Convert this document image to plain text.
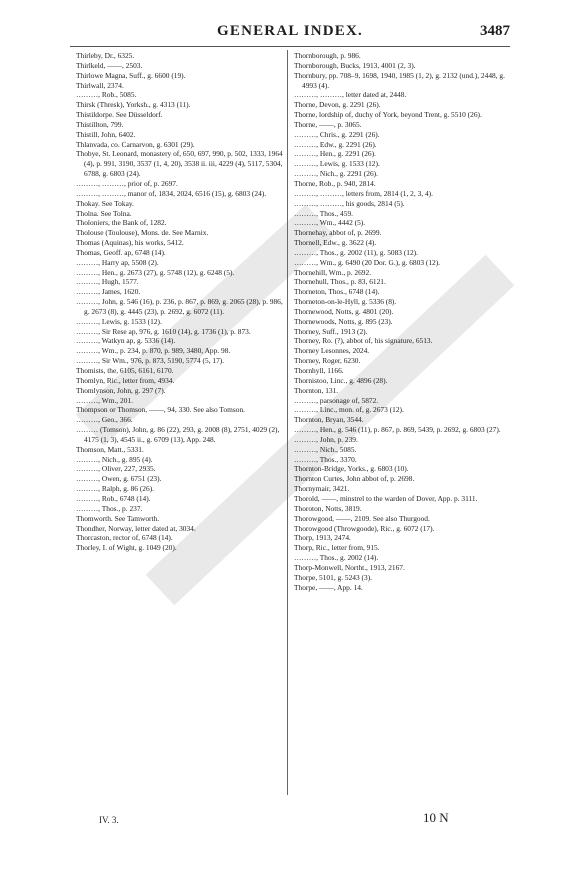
GENERAL INDEX.	3487
Thirleby, Dr., 6325.
Thirlkeld, ——, 2503.
Thirlowe Magna, Suff., g. 6600 (19).
Thirlwall, 2374.
………, Rob., 5085.
Thirsk (Thresk), Yorksh., g. 4313 (11).
Thistildorpe. See Düsseldorf.
Thistillton, 799.
Thistill, John, 6402.
Thlanvada, co. Carnarvon, g. 6301 (29).
Thobye, St. Leonard, monastery of, 650, 697, 990, p. 502, 1333, 1964 (4), p. 991, 3190, 3537 (1, 4, 20), 3538 ii. iii, 4229 (4), 5117, 5304, 6788, g. 6803 (24).
………, ………, prior of, p. 2697.
………, ………, manor of, 1834, 2024, 6516 (15), g. 6803 (24).
Thokay. See Tokay.
Tholna. See Tolna.
Tholoniers, the Bank of, 1282.
Tholouse (Toulouse), Mons. de. See Marnix.
Thomas (Aquinas), his works, 5412.
Thomas, Geoff. ap, 6748 (14).
………, Harry ap, 5508 (2).
………, Hen., g. 2673 (27), g. 5748 (12), g. 6248 (5).
………, Hugh, 1577.
………, James, 1620.
………, John, g. 546 (16), p. 236, p. 867, p. 869, g. 2065 (28), p. 986, g. 2673 (8), g. 4445 (23), p. 2692, g. 6072 (11).
………, Lewis, g. 1533 (12).
………, Sir Rese ap, 976, g. 1610 (14), g. 1736 (1), p. 873.
………, Watkyn ap, g. 5336 (14).
………, Wm., p. 234, p. 870, p. 989, 3480, App. 98.
………, Sir Wm., 976, p. 873, 5190, 5774 (5, 17).
Thomists, the, 6105, 6161, 6170.
Thomlyn, Ric., letter from, 4934.
Thomlynson, John, g. 297 (7).
………, Wm., 201.
Thompson or Thomson, ——, 94, 330. See also Tomson.
………, Geo., 366.
……… (Tomson), John, g. 86 (22), 293, g. 2008 (8), 2751, 4029 (2), 4175 (1, 3), 4545 ii., g. 6709 (13), App. 248.
Thomson, Matt., 5331.
………, Nich., g. 895 (4).
………, Oliver, 227, 2935.
………, Owen, g. 6751 (23).
………, Ralph, g. 86 (26).
………, Rob., 6748 (14).
………, Thos., p. 237.
Thomworth. See Tamworth.
Thondher, Norway, letter dated at, 3034.
Thorcaston, rector of, 6748 (14).
Thorley, I. of Wight, g. 1049 (20).
Thornborough, p. 986.
Thornborough, Bucks, 1913, 4001 (2, 3).
Thornbury, pp. 708–9, 1698, 1940, 1985 (1, 2), g. 2132 (und.), 2448, g. 4993 (4).
………, ………, letter dated at, 2448.
Thorne, Devon, g. 2291 (26).
Thorne, lordship of, duchy of York, beyond Trent, g. 5510 (26).
Thorne, ——, p. 3065.
………, Chris., g. 2291 (26).
………, Edw., g. 2291 (26).
………, Hen., g. 2291 (26).
………, Lewis, g. 1533 (12).
………, Nich., g. 2291 (26).
Thorne, Rob., p. 940, 2814.
………, ………, letters from, 2814 (1, 2, 3, 4).
………, ………, his goods, 2814 (5).
………, Thos., 459.
………, Wm., 4442 (5).
Thornehay, abbot of, p. 2699.
Thornell, Edw., g. 3622 (4).
………, Thos., g. 2002 (11), g. 5083 (12).
………, Wm., g. 6490 (20 Dor. G.), g. 6803 (12).
Thornehill, Wm., p. 2692.
Thornehull, Thos., p. 83, 6121.
Thorneton, Thos., 6748 (14).
Thorneton-on-le-Hyll, g. 5336 (8).
Thornewood, Notts, g. 4801 (20).
Thornewoods, Notts, g. 895 (23).
Thorney, Suff., 1913 (2).
Thorney, Ro. (?), abbot of, his signature, 6513.
Thorney Lesonnes, 2024.
Thorney, Roger, 6230.
Thornhyll, 1166.
Thornistoo, Linc., g. 4896 (28).
Thornton, 131.
………, parsonage of, 5872.
………, Linc., mon. of, g. 2673 (12).
Thornton, Bryan, 3544.
………, Hen., g. 546 (11), p. 867, p. 869, 5439, p. 2692, g. 6803 (27).
………, John, p. 239.
………, Nich., 5085.
………, Thos., 3370.
Thornton-Bridge, Yorks., g. 6803 (10).
Thornton Curtes, John abbot of, p. 2698.
Thornymair, 3421.
Thorold, ——, minstrel to the warden of Dover, App. p. 3111.
Thoroton, Notts, 3819.
Thorowgood, ——, 2109. See also Thurgood.
Thorowgood (Throwgoode), Ric., g. 6072 (17).
Thorp, 1913, 2474.
Thorp, Ric., letter from, 915.
………, Thos., g. 2002 (14).
Thorp-Monwell, Northt., 1913, 2167.
Thorpe, 5101, g. 5243 (3).
Thorpe, ——, App. 14.
IV. 3.	10 N
